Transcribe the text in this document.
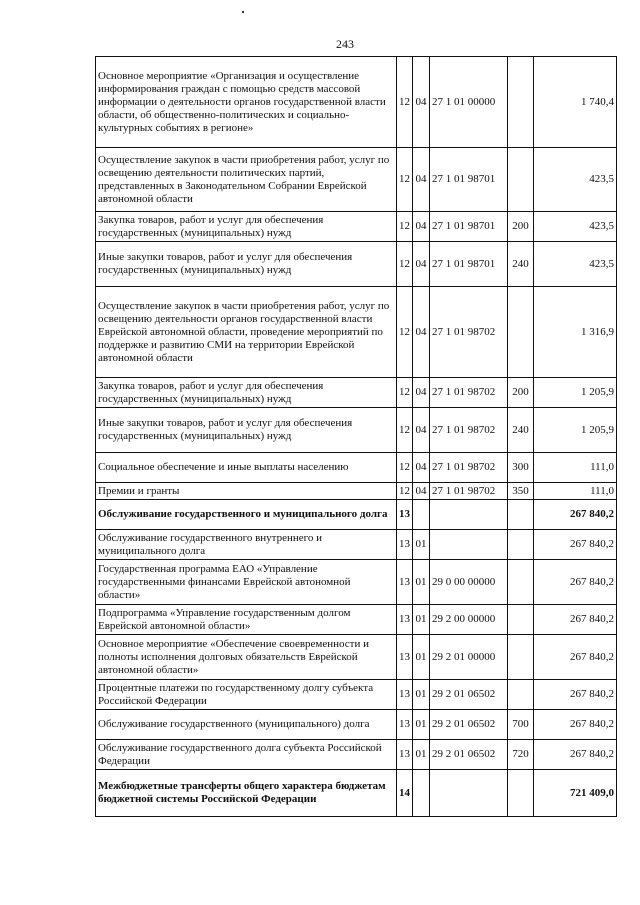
243
Основное мероприятие «Организация и осуществление информирования граждан с помощью средств массовой информации о деятельности органов государственной власти области, об общественно-политических и социально-культурных событиях в регионе»	12	04	27 1 01 00000		1 740,4
Осуществление закупок в части приобретения работ, услуг по освещению деятельности политических партий, представленных в Законодательном Собрании Еврейской автономной области	12	04	27 1 01 98701		423,5
Закупка товаров, работ и услуг для обеспечения государственных (муниципальных) нужд	12	04	27 1 01 98701	200	423,5
Иные закупки товаров, работ и услуг для обеспечения государственных (муниципальных) нужд	12	04	27 1 01 98701	240	423,5
Осуществление закупок в части приобретения работ, услуг по освещению деятельности органов государственной власти Еврейской автономной области, проведение мероприятий по поддержке и развитию СМИ на территории Еврейской автономной области	12	04	27 1 01 98702		1 316,9
Закупка товаров, работ и услуг для обеспечения государственных (муниципальных) нужд	12	04	27 1 01 98702	200	1 205,9
Иные закупки товаров, работ и услуг для обеспечения государственных (муниципальных) нужд	12	04	27 1 01 98702	240	1 205,9
Социальное обеспечение и иные выплаты населению	12	04	27 1 01 98702	300	111,0
Премии и гранты	12	04	27 1 01 98702	350	111,0
Обслуживание государственного и муниципального долга	13				267 840,2
Обслуживание государственного внутреннего и муниципального долга	13	01			267 840,2
Государственная программа ЕАО «Управление государственными финансами Еврейской автономной области»	13	01	29 0 00 00000		267 840,2
Подпрограмма «Управление государственным долгом Еврейской автономной области»	13	01	29 2 00 00000		267 840,2
Основное мероприятие «Обеспечение своевременности и полноты исполнения долговых обязательств Еврейской автономной области»	13	01	29 2 01 00000		267 840,2
Процентные платежи по государственному долгу субъекта Российской Федерации	13	01	29 2 01 06502		267 840,2
Обслуживание государственного (муниципального) долга	13	01	29 2 01 06502	700	267 840,2
Обслуживание государственного долга субъекта Российской Федерации	13	01	29 2 01 06502	720	267 840,2
Межбюджетные трансферты общего характера бюджетам бюджетной системы Российской Федерации	14				721 409,0
